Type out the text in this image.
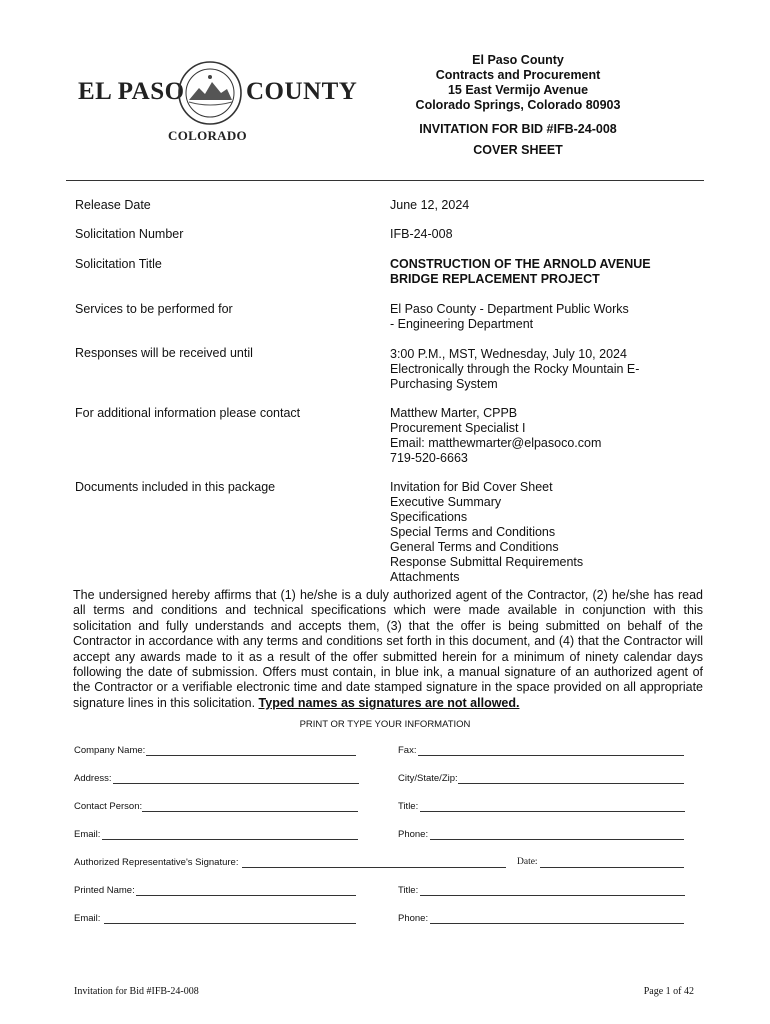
EL PASO COUNTY
COLORADO
El Paso County
Contracts and Procurement
15 East Vermijo Avenue
Colorado Springs, Colorado 80903
INVITATION FOR BID #IFB-24-008
COVER SHEET
Release Date	June 12, 2024
Solicitation Number	IFB-24-008
Solicitation Title	CONSTRUCTION OF THE ARNOLD AVENUE
BRIDGE REPLACEMENT PROJECT
Services to be performed for	El Paso County - Department Public Works
- Engineering Department
Responses will be received until	3:00 P.M., MST, Wednesday, July 10, 2024
Electronically through the Rocky Mountain E-
Purchasing System
For additional information please contact	Matthew Marter, CPPB
Procurement Specialist I
Email: matthewmarter@elpasoco.com
719-520-6663
Documents included in this package	Invitation for Bid Cover Sheet
Executive Summary
Specifications
Special Terms and Conditions
General Terms and Conditions
Response Submittal Requirements
Attachments
The undersigned hereby affirms that (1) he/she is a duly authorized agent of the Contractor, (2) he/she has read all terms and conditions and technical specifications which were made available in conjunction with this solicitation and fully understands and accepts them, (3) that the offer is being submitted on behalf of the Contractor in accordance with any terms and conditions set forth in this document, and (4) that the Contractor will accept any awards made to it as a result of the offer submitted herein for a minimum of ninety calendar days following the date of submission. Offers must contain, in blue ink, a manual signature of an authorized agent of the Contractor or a verifiable electronic time and date stamped signature in the space provided on all appropriate signature lines in this solicitation. Typed names as signatures are not allowed.
PRINT OR TYPE YOUR INFORMATION
Company Name:	Fax:
Address:	City/State/Zip:
Contact Person:	Title:
Email:	Phone:
Authorized Representative's Signature:	Date:
Printed Name:	Title:
Email:	Phone:
Invitation for Bid #IFB-24-008	Page 1 of 42
